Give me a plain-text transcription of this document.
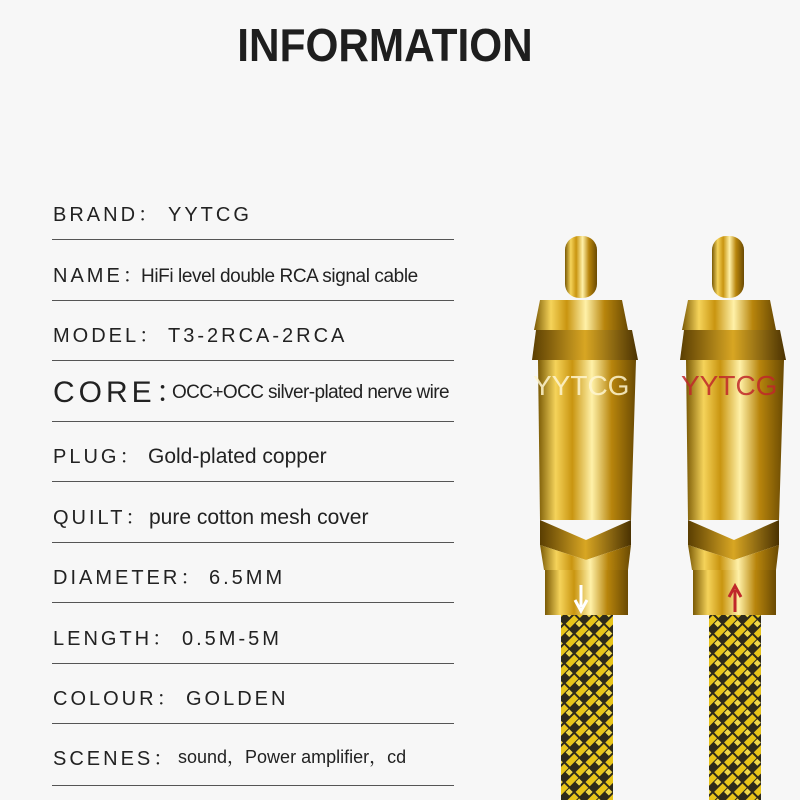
INFORMATION
BRAND： YYTCG
NAME：
HiFi level double RCA signal cable
MODEL： T3-2RCA-2RCA
CORE：
OCC+OCC silver-plated nerve wire
PLUG： Gold-plated copper
QUILT： pure cotton mesh cover
DIAMETER： 6.5MM
LENGTH： 0.5M-5M
COLOUR： GOLDEN
SCENES： sound，Power amplifier，cd
YYTCG YYTCG
